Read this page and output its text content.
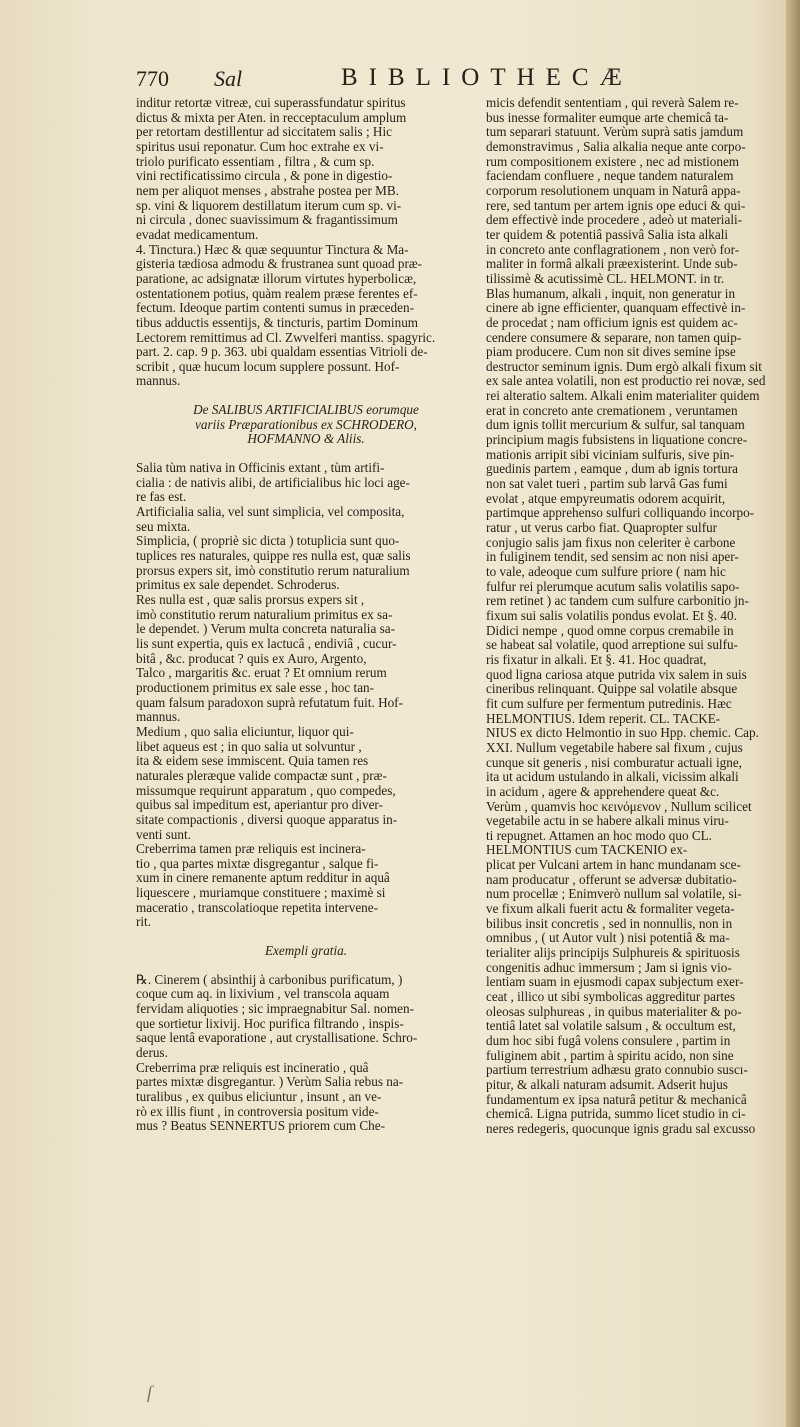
770 Sal	BIBLIOTHECÆ
inditur retortæ vitreæ, cui superassfundatur spiritus
dictus & mixta per Aten. in recceptaculum amplum
per retortam destillentur ad siccitatem salis ; Hic
spiritus usui reponatur. Cum hoc extrahe ex vi-
triolo purificato essentiam , filtra , & cum sp.
vini rectificatissimo circula , & pone in digestio-
nem per aliquot menses , abstrahe postea per MB.
sp. vini & liquorem destillatum iterum cum sp. vi-
ni circula , donec suavissimum & fragantissimum
evadat medicamentum.
4. Tinctura.) Hæc & quæ sequuntur Tinctura & Ma-
gisteria tædiosa admodu & frustranea sunt quoad præ-
paratione, ac adsignatæ illorum virtutes hyperbolicæ,
ostentationem potius, quàm realem præse ferentes ef-
fectum. Ideoque partim contenti sumus in præceden-
tibus adductis essentijs, & tincturis, partim Dominum
Lectorem remittimus ad Cl. Zwvelferi mantiss. spagyric.
part. 2. cap. 9 p. 363. ubi qualdam essentias Vitrioli de-
scribit , quæ hucum locum supplere possunt. Hof-
mannus.
De SALIBUS ARTIFICIALIBUS eorumque
variis Præparationibus ex SCHRODERO,
HOFMANNO & Aliis.
Salia tùm nativa in Officinis extant , tùm artifi-
cialia : de nativis alibi, de artificialibus hic loci age-
re fas est.
Artificialia salia, vel sunt simplicia, vel composita,
seu mixta.
Simplicia, ( propriè sic dicta ) totuplicia sunt quo-
tuplices res naturales, quippe res nulla est, quæ salis
prorsus expers sit, imò constitutio rerum naturalium
primitus ex sale dependet. Schroderus.
Res nulla est , quæ salis prorsus expers sit ,
imò constitutio rerum naturalium primitus ex sa-
le dependet. ) Verum multa concreta naturalia sa-
lis sunt expertia, quis ex lactucâ , endiviâ , cucur-
bitâ , &c. producat ? quis ex Auro, Argento,
Talco , margaritis &c. eruat ? Et omnium rerum
productionem primitus ex sale esse , hoc tan-
quam falsum paradoxon suprà refutatum fuit. Hof-
mannus.
Medium , quo salia eliciuntur, liquor qui-
libet aqueus est ; in quo salia ut solvuntur ,
ita & eidem sese immiscent. Quia tamen res
naturales pleræque valide compactæ sunt , præ-
missumque requirunt apparatum , quo compedes,
quibus sal impeditum est, aperiantur pro diver-
sitate compactionis , diversi quoque apparatus in-
venti sunt.
Creberrima tamen præ reliquis est incinera-
tio , qua partes mixtæ disgregantur , salque fi-
xum in cinere remanente aptum redditur in aquâ
liquescere , muriamque constituere ; maximè si
maceratio , transcolatioque repetita intervene-
rit.
Exempli gratia.
℞. Cinerem ( absinthij à carbonibus purificatum, )
coque cum aq. in lixivium , vel transcola aquam
fervidam aliquoties ; sic impraegnabitur Sal. nomen-
que sortietur lixivij. Hoc purifica filtrando , inspis-
saque lentâ evaporatione , aut crystallisatione. Schro-
derus.
Creberrima præ reliquis est incineratio , quâ
partes mixtæ disgregantur. ) Verùm Salia rebus na-
turalibus , ex quibus eliciuntur , insunt , an ve-
rò ex illis fiunt , in controversia positum vide-
mus ? Beatus SENNERTUS priorem cum Che-
micis defendit sententiam , qui reverà Salem re-
bus inesse formaliter eumque arte chemicâ ta-
tum separari statuunt. Verùm suprà satis jamdum
demonstravimus , Salia alkalia neque ante corpo-
rum compositionem existere , nec ad mistionem
faciendam confluere , neque tandem naturalem
corporum resolutionem unquam in Naturâ appa-
rere, sed tantum per artem ignis ope educi & qui-
dem effectivè inde procedere , adeò ut materiali-
ter quidem & potentiâ passivâ Salia ista alkali
in concreto ante conflagrationem , non verò for-
maliter in formâ alkali præexisterint. Unde sub-
tilissimè & acutissimè CL. HELMONT. in tr.
Blas humanum, alkali , inquit, non generatur in
cinere ab igne efficienter, quanquam effectivè in-
de procedat ; nam officium ignis est quidem ac-
cendere consumere & separare, non tamen quip-
piam producere. Cum non sit dives semine ipse
destructor seminum ignis. Dum ergò alkali fixum sit
ex sale antea volatili, non est productio rei novæ, sed
rei alteratio saltem. Alkali enim materialiter quidem
erat in concreto ante cremationem , veruntamen
dum ignis tollit mercurium & sulfur, sal tanquam
principium magis fubsistens in liquatione concre-
mationis arripit sibi viciniam sulfuris, sive pin-
guedinis partem , eamque , dum ab ignis tortura
non sat valet tueri , partim sub larvâ Gas fumi
evolat , atque empyreumatis odorem acquirit,
partimque apprehenso sulfuri colliquando incorpo-
ratur , ut verus carbo fiat. Quapropter sulfur
conjugio salis jam fixus non celeriter è carbone
in fuliginem tendit, sed sensim ac non nisi aper-
to vale, adeoque cum sulfure priore ( nam hic
fulfur rei plerumque acutum salis volatilis sapo-
rem retinet ) ac tandem cum sulfure carbonitio jn-
fixum sui salis volatilis pondus evolat. Et §. 40.
Didici nempe , quod omne corpus cremabile in
se habeat sal volatile, quod arreptione sui sulfu-
ris fixatur in alkali. Et §. 41. Hoc quadrat,
quod ligna cariosa atque putrida vix salem in suis
cineribus relinquant. Quippe sal volatile absque
fit cum sulfure per fermentum putredinis. Hæc
HELMONTIUS. Idem reperit. CL. TACKE-
NIUS ex dicto Helmontio in suo Hpp. chemic. Cap.
XXI. Nullum vegetabile habere sal fixum , cujus
cunque sit generis , nisi comburatur actuali igne,
ita ut acidum ustulando in alkali, vicissim alkali
in acidum , agere & apprehendere queat &c.
Verùm , quamvis hoc κεινόμενον , Nullum scilicet
vegetabile actu in se habere alkali minus viru-
ti repugnet. Attamen an hoc modo quo CL.
HELMONTIUS cum TACKENIO ex-
plicat per Vulcani artem in hanc mundanam sce-
nam producatur , offerunt se adversæ dubitatio-
num procellæ ; Enimverò nullum sal volatile, si-
ve fixum alkali fuerit actu & formaliter vegeta-
bilibus insit concretis , sed in nonnullis, non in
omnibus , ( ut Autor vult ) nisi potentiâ & ma-
terialiter alijs principijs Sulphureis & spirituosis
congenitis adhuc immersum ; Jam si ignis vio-
lentiam suam in ejusmodi capax subjectum exer-
ceat , illico ut sibi symbolicas aggreditur partes
oleosas sulphureas , in quibus materialiter & po-
tentiâ latet sal volatile salsum , & occultum est,
dum hoc sibi fugâ volens consulere , partim in
fuliginem abit , partim à spiritu acido, non sine
partium terrestrium adhæsu grato connubio suscı-
pitur, & alkali naturam adsumit. Adserit hujus
fundamentum ex ipsa naturâ petitur & mechanicâ
chemicâ. Ligna putrida, summo licet studio in ci-
neres redegeris, quocunque ignis gradu sal excusso
ſ
